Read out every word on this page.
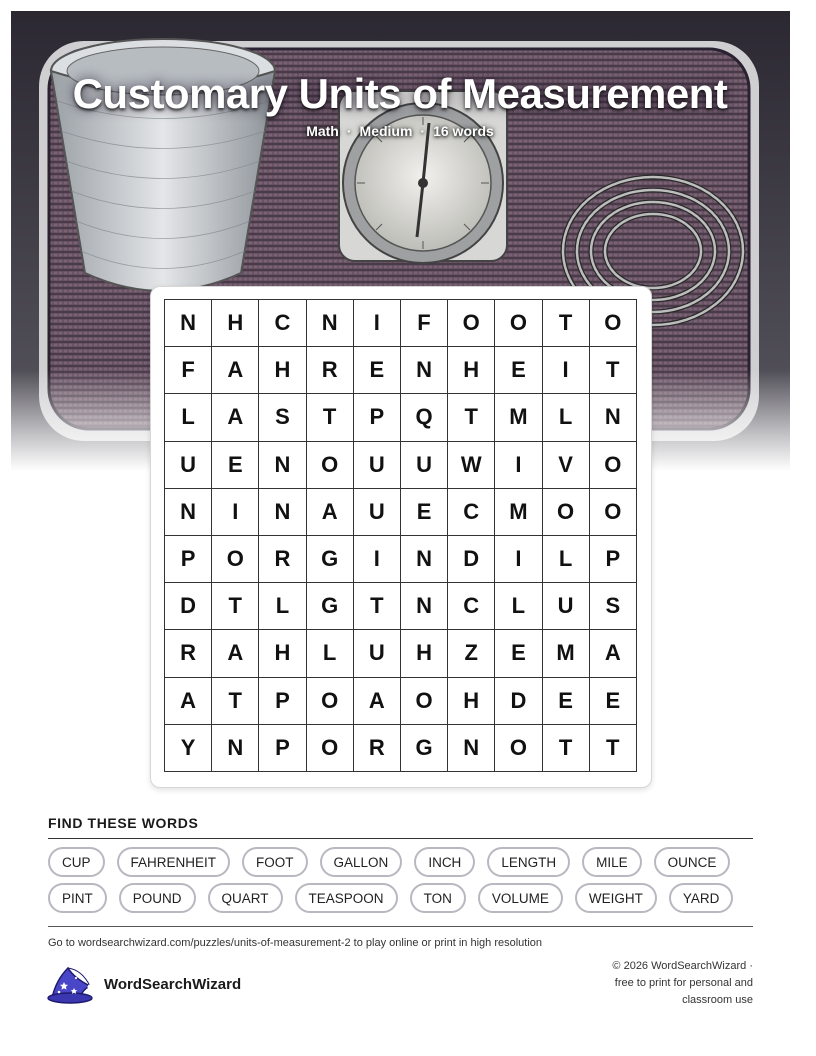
Customary Units of Measurement
Math · Medium · 16 words
N	H	C	N	I	F	O	O	T	O
F	A	H	R	E	N	H	E	I	T
L	A	S	T	P	Q	T	M	L	N
U	E	N	O	U	U	W	I	V	O
N	I	N	A	U	E	C	M	O	O
P	O	R	G	I	N	D	I	L	P
D	T	L	G	T	N	C	L	U	S
R	A	H	L	U	H	Z	E	M	A
A	T	P	O	A	O	H	D	E	E
Y	N	P	O	R	G	N	O	T	T
FIND THESE WORDS
CUP	FAHRENHEIT	FOOT	GALLON	INCH	LENGTH	MILE	OUNCE
PINT	POUND	QUART	TEASPOON	TON	VOLUME	WEIGHT	YARD
Go to wordsearchwizard.com/puzzles/units-of-measurement-2 to play online or print in high resolution
WordSearchWizard
© 2026 WordSearchWizard ·
free to print for personal and
classroom use
